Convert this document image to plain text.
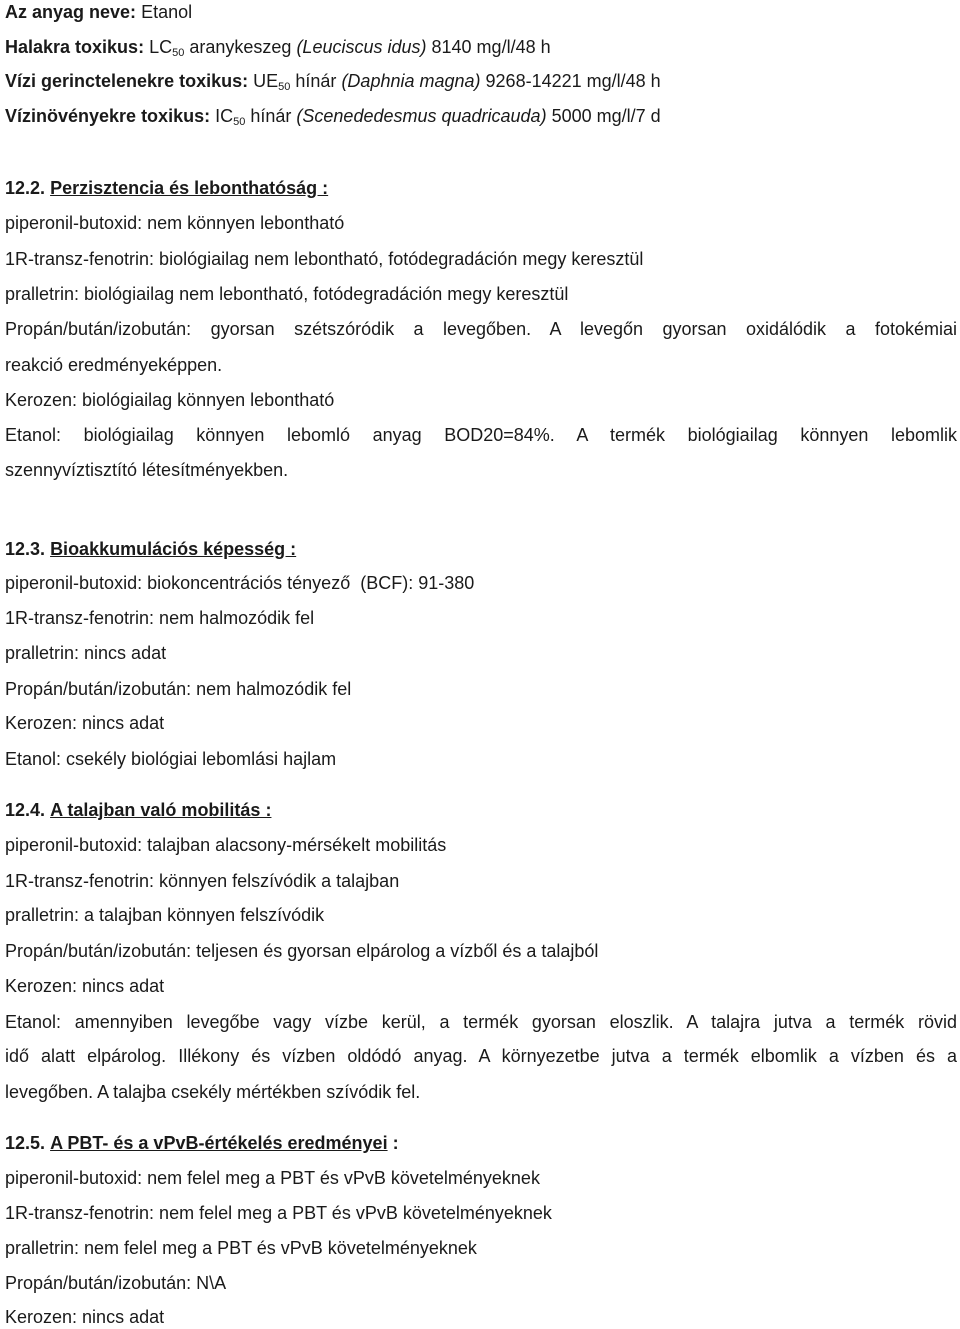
Az anyag neve: Etanol
Halakra toxikus: $LC_{50}$ aranykeszeg (Leuciscus idus) 8140 mg/l/48 h
Vízi gerinctelenekre toxikus: $UE_{50}$ hínár (Daphnia magna) 9268-14221 mg/l/48 h
Vízinövényekre toxikus: $IC_{50}$ hínár (Scenededesmus quadricauda) 5000 mg/l/7 d
12.2. Perzisztencia és lebonthatóság :
piperonil-butoxid: nem könnyen lebontható
1R-transz-fenotrin: biológiailag nem lebontható, fotódegradáción megy keresztül
pralletrin: biológiailag nem lebontható, fotódegradáción megy keresztül
Propán/bután/izobután: gyorsan szétszóródik a levegőben. A levegőn gyorsan oxidálódik a fotokémiai
reakció eredményeképpen.
Kerozen: biológiailag könnyen lebontható
Etanol: biológiailag könnyen lebomló anyag BOD20=84%. A termék biológiailag könnyen lebomlik
szennyvíztisztító létesítményekben.
12.3. Bioakkumulációs képesség :
piperonil-butoxid: biokoncentrációs tényező  (BCF): 91-380
1R-transz-fenotrin: nem halmozódik fel
pralletrin: nincs adat
Propán/bután/izobután: nem halmozódik fel
Kerozen: nincs adat
Etanol: csekély biológiai lebomlási hajlam
12.4. A talajban való mobilitás :
piperonil-butoxid: talajban alacsony-mérsékelt mobilitás
1R-transz-fenotrin: könnyen felszívódik a talajban
pralletrin: a talajban könnyen felszívódik
Propán/bután/izobután: teljesen és gyorsan elpárolog a vízből és a talajból
Kerozen: nincs adat
Etanol: amennyiben levegőbe vagy vízbe kerül, a termék gyorsan eloszlik. A talajra jutva a termék rövid
idő alatt elpárolog. Illékony és vízben oldódó anyag. A környezetbe jutva a termék elbomlik a vízben és a
levegőben. A talajba csekély mértékben szívódik fel.
12.5. A PBT- és a vPvB-értékelés eredményei :
piperonil-butoxid: nem felel meg a PBT és vPvB követelményeknek
1R-transz-fenotrin: nem felel meg a PBT és vPvB követelményeknek
pralletrin: nem felel meg a PBT és vPvB követelményeknek
Propán/bután/izobután: N\A
Kerozen: nincs adat
